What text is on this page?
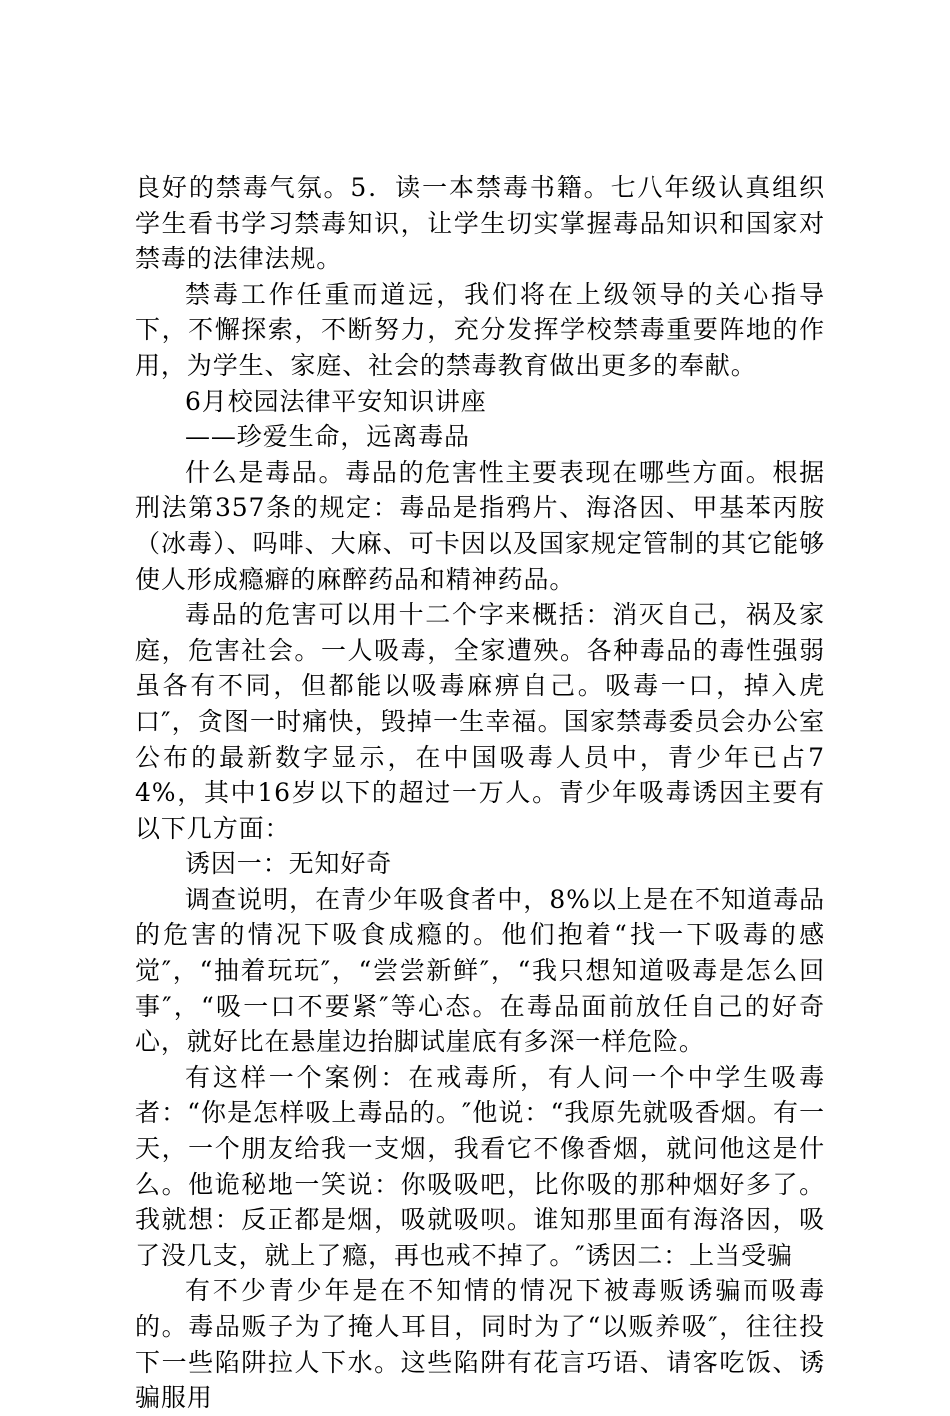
良好的禁毒气氛。5．读一本禁毒书籍。七八年级认真组织学生看书学习禁毒知识，让学生切实掌握毒品知识和国家对禁毒的法律法规。

禁毒工作任重而道远，我们将在上级领导的关心指导下，不懈探索，不断努力，充分发挥学校禁毒重要阵地的作用，为学生、家庭、社会的禁毒教育做出更多的奉献。

6月校园法律平安知识讲座

——珍爱生命，远离毒品

什么是毒品。毒品的危害性主要表现在哪些方面。根据刑法第357条的规定：毒品是指鸦片、海洛因、甲基苯丙胺（冰毒）、吗啡、大麻、可卡因以及国家规定管制的其它能够使人形成瘾癖的麻醉药品和精神药品。

毒品的危害可以用十二个字来概括：消灭自己，祸及家庭，危害社会。一人吸毒，全家遭殃。各种毒品的毒性强弱虽各有不同，但都能以吸毒麻痹自己。吸毒一口，掉入虎口″，贪图一时痛快，毁掉一生幸福。国家禁毒委员会办公室公布的最新数字显示，在中国吸毒人员中，青少年已占74%，其中16岁以下的超过一万人。青少年吸毒诱因主要有以下几方面：

诱因一：无知好奇

调查说明，在青少年吸食者中，8%以上是在不知道毒品的危害的情况下吸食成瘾的。他们抱着“找一下吸毒的感觉″，“抽着玩玩″，“尝尝新鲜″，“我只想知道吸毒是怎么回事″，“吸一口不要紧″等心态。在毒品面前放任自己的好奇心，就好比在悬崖边抬脚试崖底有多深一样危险。

有这样一个案例：在戒毒所，有人问一个中学生吸毒者：“你是怎样吸上毒品的。″他说：“我原先就吸香烟。有一天，一个朋友给我一支烟，我看它不像香烟，就问他这是什么。他诡秘地一笑说：你吸吸吧，比你吸的那种烟好多了。我就想：反正都是烟，吸就吸呗。谁知那里面有海洛因，吸了没几支，就上了瘾，再也戒不掉了。″诱因二：上当受骗

有不少青少年是在不知情的情况下被毒贩诱骗而吸毒的。毒品贩子为了掩人耳目，同时为了“以贩养吸″，往往投下一些陷阱拉人下水。这些陷阱有花言巧语、请客吃饭、诱骗服用
